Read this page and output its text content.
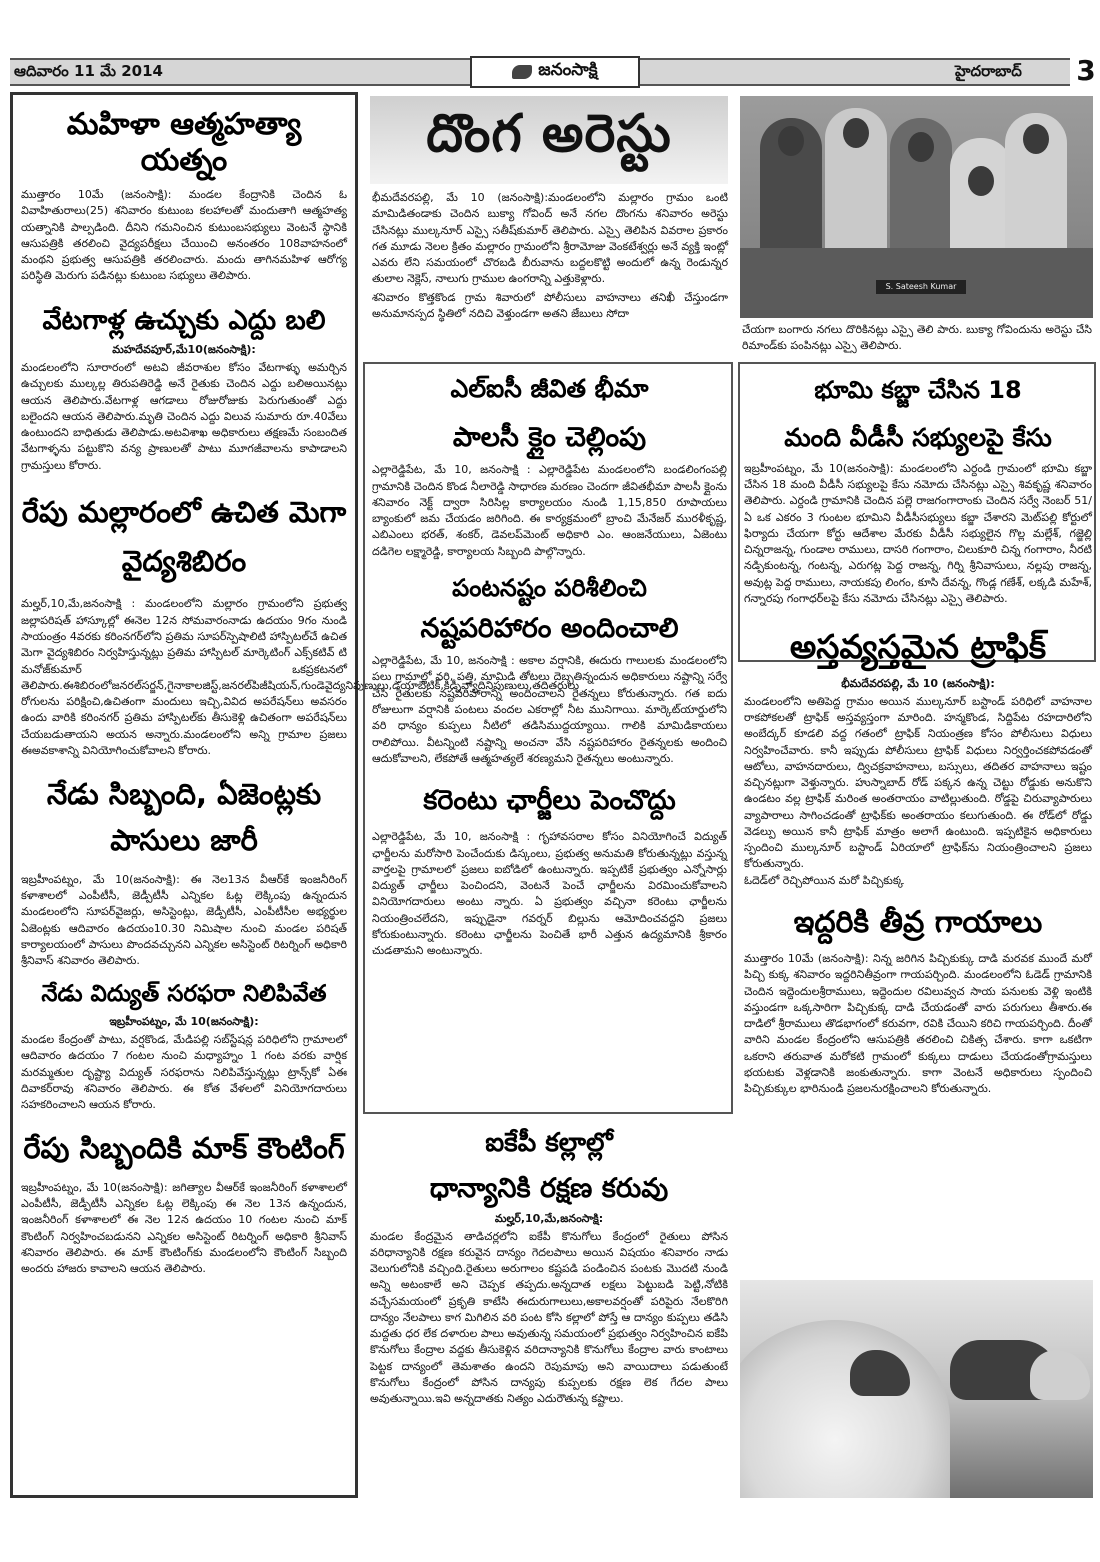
ఆదివారం 11 మే 2014	జనంసాక్షి	హైదరాబాద్ 3
మహిళా ఆత్మహత్యా యత్నం

ముత్తారం 10మే (జనంసాక్షి): మండల కేంద్రానికి చెందిన ఓ వివాహితురాలు(25) శనివారం కుటుంబ కలహాలతో మందుతాగి ఆత్మహత్య యత్నానికి పాల్పడింది. దీనిని గమనించిన కుటుంబసభ్యులు వెంటనే స్థానికి ఆసుపత్రికి తరలించి వైద్యపరీక్షలు చేయించి అనంతరం 108వాహనంలో మంథని ప్రభుత్వ ఆసుపత్రికి తరలించారు. మందు తాగినమహిళ ఆరోగ్య పరిస్థితి మెరుగు పడినట్లు కుటుంబ సభ్యులు తెలిపారు.

వేటగాళ్ల ఉచ్చుకు ఎద్దు బలి
మహదేవపూర్,మే10(జనంసాక్షి):

మండలంలోని సూరారంలో అటవి జీవరాశుల కోసం వేటగాళ్ళు అమర్చిన ఉచ్చులకు ముల్కల్ల తిరుపతిరెడ్డి అనే రైతుకు చెందిన ఎద్దు బలిఅయినట్లు ఆయన తెలిపారు.వేటగాళ్ల ఆగడాలు రోజురోజుకు పెరుగుతుంతో ఎద్దు బలైందని ఆయన తెలిపారు.మృతి చెందిన ఎద్దు విలువ సుమారు రూ.40వేలు ఉంటుందని బాధితుడు తెలిపాడు.అటవిశాఖ అధికారులు తక్షణమే సంబందిత వేటగాళ్ళను పట్టుకొని వన్య ప్రాణులతో పాటు మూగజీవాలను కాపాడాలని గ్రామస్తులు కోరారు.

రేపు మల్లారంలో ఉచిత మెగా వైద్యశిబిరం

మల్హర్,10,మే,జనంసాక్షి : మండలంలోని మల్లారం గ్రామంలోని ప్రభుత్వ జల్లాపరిషత్ హాస్కూల్లో ఈనెల 12న సోమవారంనాడు ఉదయం 9గం నుండి సాయంత్రం 4వరకు కరింనగర్‌లోని ప్రతిమ సూపర్‌స్పెషాలిటి హాస్పిటల్‌చే ఉచిత మెగా వైద్యశిబిరం నిర్వహిస్తున్నట్లు ప్రతిమ హాస్పిటల్ మార్కెటింగ్ ఎక్స్‌కటివ్ టి మనోజ్‌కుమార్ ఒకప్రకటనలో తెలిపారు.ఈశిబిరంలోజనరల్‌సర్జన్,గైనాకాలజిస్ట్,జనరల్‌పిజీషియన్,గుండెవైద్యనిపుణులు,డయాబెటిక్,కిడ్నీవ్యాదినిపుణులు,తదితరులు రోగులను పరిక్షించి,ఉచితంగా మందులు ఇచ్చి,వివిద అపరేషన్‌లు అవసరం ఉందు వారికి కరింనగర్ ప్రతిమ హాస్పిటల్‌కు తీసుకెళ్లి ఉచితంగా అపరేషన్‌లు చేయబడుతాయని అయన అన్నారు.మండలంలోని అన్ని గ్రామాల ప్రజలు ఈఅవకాశాన్ని వినియోగించుకోవాలని కోరారు.

నేడు సిబ్బంది, ఏజెంట్లకు పాసులు జారీ

ఇబ్రహీంపట్నం, మే 10(జనంసాక్షి): ఈ నెల13న వీఆర్‌కే ఇంజనీరింగ్ కళాశాలలో ఎంపీటీసీ, జెడ్పీటీసీ ఎన్నికల ఓట్ల లెక్కింపు ఉన్నందున మండలంలోని సూపర్‌వైజర్లు, అసిస్టెంట్లు, జెడ్పీటీసీ, ఎంపీటీసీల అభ్యర్థుల ఏజెంట్లకు ఆదివారం ఉదయం10.30 నిమిషాల నుంచి మండల పరిషత్ కార్యాలయంలో పాసులు పొందవచ్చునని ఎన్నికల అసిస్టెంట్ రిటర్నింగ్ అధికారి శ్రీనివాస్ శనివారం తెలిపారు.

నేడు విద్యుత్ సరఫరా నిలిపివేత
ఇబ్రహీంపట్నం, మే 10(జనంసాక్షి):

మండల కేంద్రంతో పాటు, వర్షకొండ, మేడిపల్లి సబ్‌స్టేషన్ల పరిధిలోని గ్రామాలలో ఆదివారం ఉదయం 7 గంటల నుంచి మధ్యాహ్నం 1 గంట వరకు వార్షిక మరమ్మతుల దృష్ట్యా విద్యుత్ సరఫరాను నిలిపివేస్తున్నట్లు ట్రాన్స్‌కో ఏఈ దివాకర్‌రావు శనివారం తెలిపారు. ఈ కోత వేళలలో వినియోగదారులు సహకరించాలని ఆయన కోరారు.

రేపు సిబ్బందికి మాక్ కౌంటింగ్

ఇబ్రహీంపట్నం, మే 10(జనంసాక్షి): జగిత్యాల వీఆర్‌కే ఇంజనీరింగ్ కళాశాలలో ఎంపీటీసీ, జెడ్పీటీసీ ఎన్నికల ఓట్ల లెక్కింపు ఈ నెల 13న ఉన్నందున, ఇంజనీరింగ్ కళాశాలలో ఈ నెల 12న ఉదయం 10 గంటల నుంచి మాక్ కౌంటింగ్ నిర్వహించబడునని ఎన్నికల అసిస్టెంట్ రిటర్నింగ్ అధికారి శ్రీనివాస్ శనివారం తెలిపారు. ఈ మాక్ కౌంటింగ్‌కు మండలంలోని కౌంటింగ్ సిబ్బంది అందరు హాజరు కావాలని ఆయన తెలిపారు.

దొంగ అరెస్టు

భీమదేవరపల్లి, మే 10 (జనంసాక్షి):మండలంలోని మల్లారం గ్రామం ఒంటి మామిడితండాకు చెందిన బుక్యా గోవింద్ అనే నగల దొంగను శనివారం అరెస్టు చేసినట్లు ముల్కనూర్ ఎస్సై సతీష్‌కుమార్ తెలిపారు. ఎస్సై తెలిపిన వివరాల ప్రకారం గత మూడు నెలల క్రితం మల్లారం గ్రామంలోని శ్రీరామోజు వెంకటేశ్వర్లు అనే వ్యక్తి ఇంట్లో ఎవరు లేని సమయంలో చొరబడి బీరువాను బద్దలకొట్టి అందులో ఉన్న రెండున్నర తులాల నెక్లెస్, నాలుగు గ్రాముల ఉంగరాన్ని ఎత్తుకెళ్లారు.

శనివారం కొత్తకొండ గ్రామ శివారులో పోలీసులు వాహనాలు తనిఖీ చేస్తుండగా అనుమానస్పద స్థితిలో నదిచి వెళ్తుండగా అతని జేబులు సోదా

S. Sateesh Kumar

చేయగా బంగారు నగలు దొరికినట్లు ఎస్సై తెలి పారు. బుక్యా గోవిందును అరెస్టు చేసి రిమాండ్‌కు పంపినట్లు ఎస్సై తెలిపారు.

ఎల్ఐసీ జీవిత భీమా
పాలసీ క్లైం చెల్లింపు

ఎల్లారెడ్డిపేట, మే 10, జనంసాక్షి : ఎల్లారెడ్డిపేట మండలంలోని బండలింగంపల్లి గ్రామానికి చెందిన కొండ నీలారెడ్డి సాధారణ మరణం చెందగా జీవితభీమా పాలసీ క్లైంను శనివారం నెక్ట్ ద్వారా సిరిసిల్ల కార్యాలయం నుండి 1,15,850 రూపాయలు బ్యాంకులో జమ చేయడం జరిగింది. ఈ కార్యక్రమంలో బ్రాంచి మేనేజర్ మురళీకృష్ణ, ఎబిఎంలు భరత్, శంకర్, డెవలప్‌మెంట్ అధికారి ఎం. ఆంజనేయులు, ఏజెంటు దడిగెల లక్ష్మారెడ్డి, కార్యాలయ సిబ్బంది పాల్గొన్నారు.

పంటనష్టం పరిశీలించి
నష్టపరిహారం అందించాలి

ఎల్లారెడ్డిపేట, మే 10, జనంసాక్షి : అకాల వర్షానికి, ఈదురు గాలులకు మండలంలోని పలు గ్రామాల్లో వరి, పత్తి, మామిడి తోటలు దెబ్బతిన్నందున అధికారులు నష్టాన్ని సర్వే చేసి రైతులకు నష్టపరిహారాన్ని అందించాలని రైతన్నలు కోరుతున్నారు. గత ఐదు రోజులుగా వర్షానికి పంటలు వందల ఎకరాల్లో నీట మునిగాయి. మార్కెట్‌యార్డులోని వరి ధాన్యం కుప్పలు నీటిలో తడిసిముద్దయ్యాయి. గాలికి మామిడికాయలు రాలిపోయి. వీటన్నింటి నష్టాన్ని అంచనా వేసి నష్టపరిహారం రైతన్నలకు అందించి ఆదుకోవాలని, లేకపోతే ఆత్మహత్యలే శరణ్యమని రైతన్నలు అంటున్నారు.

కరెంటు ఛార్జీలు పెంచొద్దు

ఎల్లారెడ్డిపేట, మే 10, జనంసాక్షి : గృహావసరాల కోసం వినియోగించే విద్యుత్ ఛార్జీలను మరోసారి పెంచేందుకు డిస్కంలు, ప్రభుత్వ అనుమతి కోరుతున్నట్లు వస్తున్న వార్తలపై గ్రామాలలో ప్రజలు ఐబోడిలో ఉంటున్నారు. ఇప్పటికే ప్రభుత్వం ఎన్నోసార్లు విద్యుత్ ఛార్జీలు పెంచిందని, వెంటనే పెంచే ఛార్జీలను విరమించుకోవాలని వినియోగదారులు అంటు న్నారు. ఏ ప్రభుత్వం వచ్చినా కరెంటు ఛార్జీలను నియంత్రించలేదని, ఇప్పుడైనా గవర్నర్ బిల్లును ఆమోదించవద్దని ప్రజలు కోరుకుంటున్నారు. కరెంటు ఛార్జీలను పెంచితే భారీ ఎత్తున ఉద్యమానికి శ్రీకారం చుడతామని అంటున్నారు.

ఐకేపీ కల్లాల్లో
ధాన్యానికి రక్షణ కరువు
మల్హర్,10,మే,జనంసాక్షి:

మండల కేంద్రమైన తాడిచర్లలోని ఐకేపీ కొనుగోలు కేంద్రంలో రైతులు పోసిన వరిధాన్యానికి రక్షణ కరువైన దాన్యం గెదలపాలు అయిన విషయం శనివారం నాడు వెలుగులోనికి వచ్చింది.రైతులు అరుగాలం కష్టపడి పండించిన పంటకు మొదటి నుండి అన్ని అటంకాలే అని చెప్పక తప్పదు.అన్నదాత లక్షలు పెట్టుబడి పెట్టి,నోటికి వచ్చేసమయంలో ప్రకృతి కాటేసి ఈదురుగాలులు,అకాలవర్షంతో పరిపైరు నేలకొరిగి దాన్యం నేలపాలు కాగ మిగిలిన వరి పంట కోసి కల్లాలో పోస్తే ఆ దాన్యం కుప్పలు తడిసి మద్దతు ధర లేక దళారుల పాలు అవుతున్న సమయంలో ప్రభుత్వం నిర్వహించిన ఐకేపి కొనుగోలు కేంద్రాల వద్దకు తీసుకెళ్లిన వరిదాన్యానికి కొనుగోలు కేంద్రాల వారు కాంటాలు పెట్టక దాన్యంలో తెమశాతం ఉందని రెపుమాపు అని వాయిదాలు పడుతుంటే కొనుగోలు కేంద్రంలో పోసిన దాన్యపు కుప్పలకు రక్షణ లెక గేదల పాలు అవుతున్నాయి.ఇవి అన్నదాతకు నిత్యం ఎదురౌతున్న కష్టాలు.

భూమి కబ్జా చేసిన 18
మంది వీడీసీ సభ్యులపై కేసు

ఇబ్రహీంపట్నం, మే 10(జనంసాక్షి): మండలంలోని ఎర్దండి గ్రామంలో భూమి కబ్జా చేసిన 18 మంది వీడీసీ సభ్యులపై కేసు నమోదు చేసినట్లు ఎస్సై శివకృష్ణ శనివారం తెలిపారు. ఎర్దండి గ్రామానికి చెందిన పల్లె రాజగంగారాంకు చెందిన సర్వే నెంబర్ 51/ఏ ఒక ఎకరం 3 గుంటల భూమిని వీడీసీసభ్యులు కబ్జా చేశారని మెట్‌పల్లి కోర్టులో ఫిర్యాదు చేయగా కోర్టు ఆదేశాల మేరకు వీడీసీ సభ్యులైన గొల్ల మల్లేశ్, గజ్జెల్లి చిన్నరాజన్న, గుండాల రాములు, దాసరి గంగారాం, చిలుకూరి చిన్న గంగారాం, నీరటి నడ్పికుంటన్న, గంటన్న, ఎరుగట్ల పెద్ద రాజన్న, గిర్ని శ్రీనివాసులు, నల్లపు రాజన్న, అవుట్ల పెద్ద రాములు, నాయకపు లింగం, కూసి దేవన్న, గొండ్ల గణేశ్, లక్కడి మహేశ్, గన్నారపు గంగాధర్‌లపై కేసు నమోదు చేసినట్లు ఎస్సై తెలిపారు.

అస్తవ్యస్తమైన ట్రాఫిక్
భీమదేవరపల్లి, మే 10 (జనంసాక్షి):

మండలంలోని అతిపెద్ద గ్రామం అయిన ముల్కనూర్ బస్టాండ్ పరిధిలో వాహనాల రాకపోకలతో ట్రాఫిక్ అస్తవ్యస్తంగా మారింది. హన్మకొండ, సిద్దిపేట రహదారిలోని అంబేద్కర్ కూడలి వద్ద గతంలో ట్రాఫిక్ నియంత్రణ కోసం పోలీసులు విధులు నిర్వహించేవారు. కానీ ఇప్పుడు పోలీసులు ట్రాఫిక్ విధులు నిర్వర్తించకపోవడంతో ఆటోలు, వాహనదారులు, ద్విచక్రవాహనాలు, బస్సులు, తదితర వాహనాలు ఇష్టం వచ్చినట్లుగా వెళ్తున్నారు. హుస్నాబాద్ రోడ్ పక్కన ఉన్న చెట్టు రోడ్డుకు అనుకొని ఉండటం వల్ల ట్రాఫిక్ మరింత అంతరాయం వాటిల్లుతుంది. రోడ్డపై చిరువ్యాపారులు వ్యాపారాలు సాగించడంతో ట్రాఫిక్‌కు అంతరాయం కలుగుతుంది. ఈ రోడ్‌లో రోడ్డు వెడల్పు అయిన కానీ ట్రాఫిక్ మాత్రం అలాగే ఉంటుంది. ఇప్పటికైన అధికారులు స్పందించి ముల్కనూర్ బస్టాండ్ ఏరియాలో ట్రాఫిక్‌ను నియంత్రించాలని ప్రజలు కోరుతున్నారు.

ఓదెడ్‌లో రెచ్చిపోయిన మరో పిచ్చికుక్క

ఇద్దరికి తీవ్ర గాయాలు

ముత్తారం 10మే (జనంసాక్షి): నిన్న జరిగిన పిచ్చికుక్కు దాడి మరవక ముందే మరో పిచ్చి కుక్క శనివారం ఇద్దరినితీవ్రంగా గాయపర్చింది. మండలంలోని ఓడెడ్ గ్రామానికి చెందిన ఇద్దెందులశ్రీరాములు, ఇద్దెందుల రవిలువ్వచ సాయ పనులకు వెళ్లి ఇంటికి వస్తుండగా ఒక్కసారిగా పిచ్చికుక్క దాడి చేయడంతో వారు పరుగులు తీశారు.ఈ దాడిలో శ్రీరాములు తొడభాగంలో కరువగా, రవికి చేయిని కరిచి గాయపర్చింది. దీంతో వారిని మండల కేంద్రంలోని ఆసుపత్రికి తరలించి చికిత్స చేశారు. కాగా ఒకటిగా ఒకరాని తరువాత మరోకటి గ్రామంలో కుక్కలు దాడులు చేయడంతోగ్రామస్తులు భయటకు వెళ్లడానికి జంకుతున్నారు. కాగా వెంటనే అధికారులు స్పందించి పిచ్చికుక్కుల భారినుండి ప్రజలనురక్షించాలని కోరుతున్నారు.
